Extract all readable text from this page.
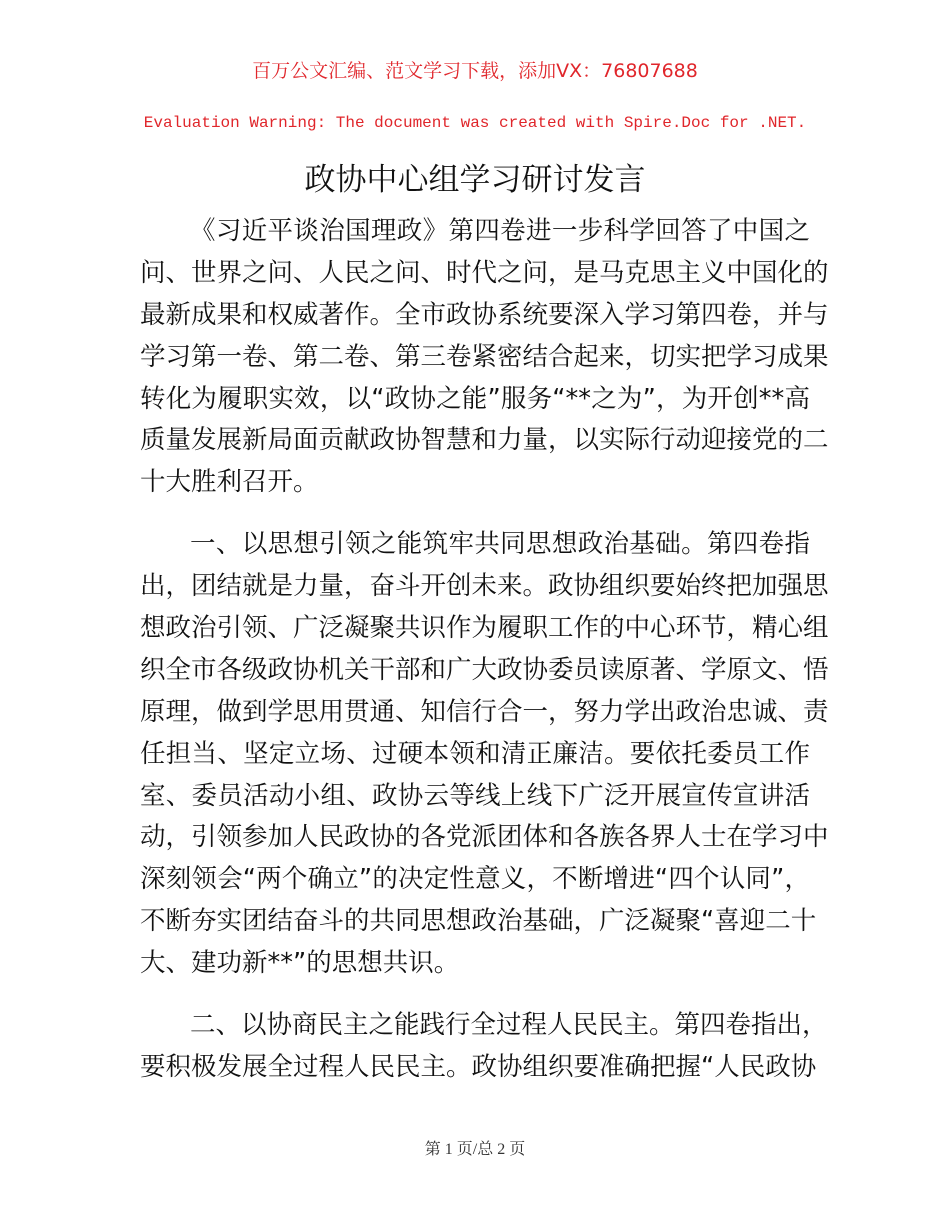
百万公文汇编、范文学习下载，添加VX：76807688
Evaluation Warning: The document was created with Spire.Doc for .NET.
政协中心组学习研讨发言
《习近平谈治国理政》第四卷进一步科学回答了中国之
问、世界之问、人民之问、时代之问，是马克思主义中国化的
最新成果和权威著作。全市政协系统要深入学习第四卷，并与
学习第一卷、第二卷、第三卷紧密结合起来，切实把学习成果
转化为履职实效，以“政协之能”服务“**之为”，为开创**高
质量发展新局面贡献政协智慧和力量，以实际行动迎接党的二
十大胜利召开。
一、以思想引领之能筑牢共同思想政治基础。第四卷指
出，团结就是力量，奋斗开创未来。政协组织要始终把加强思
想政治引领、广泛凝聚共识作为履职工作的中心环节，精心组
织全市各级政协机关干部和广大政协委员读原著、学原文、悟
原理，做到学思用贯通、知信行合一，努力学出政治忠诚、责
任担当、坚定立场、过硬本领和清正廉洁。要依托委员工作
室、委员活动小组、政协云等线上线下广泛开展宣传宣讲活
动，引领参加人民政协的各党派团体和各族各界人士在学习中
深刻领会“两个确立”的决定性意义，不断增进“四个认同”，
不断夯实团结奋斗的共同思想政治基础，广泛凝聚“喜迎二十
大、建功新**”的思想共识。
二、以协商民主之能践行全过程人民民主。第四卷指出，
要积极发展全过程人民民主。政协组织要准确把握“人民政协
第 1 页/总 2 页
